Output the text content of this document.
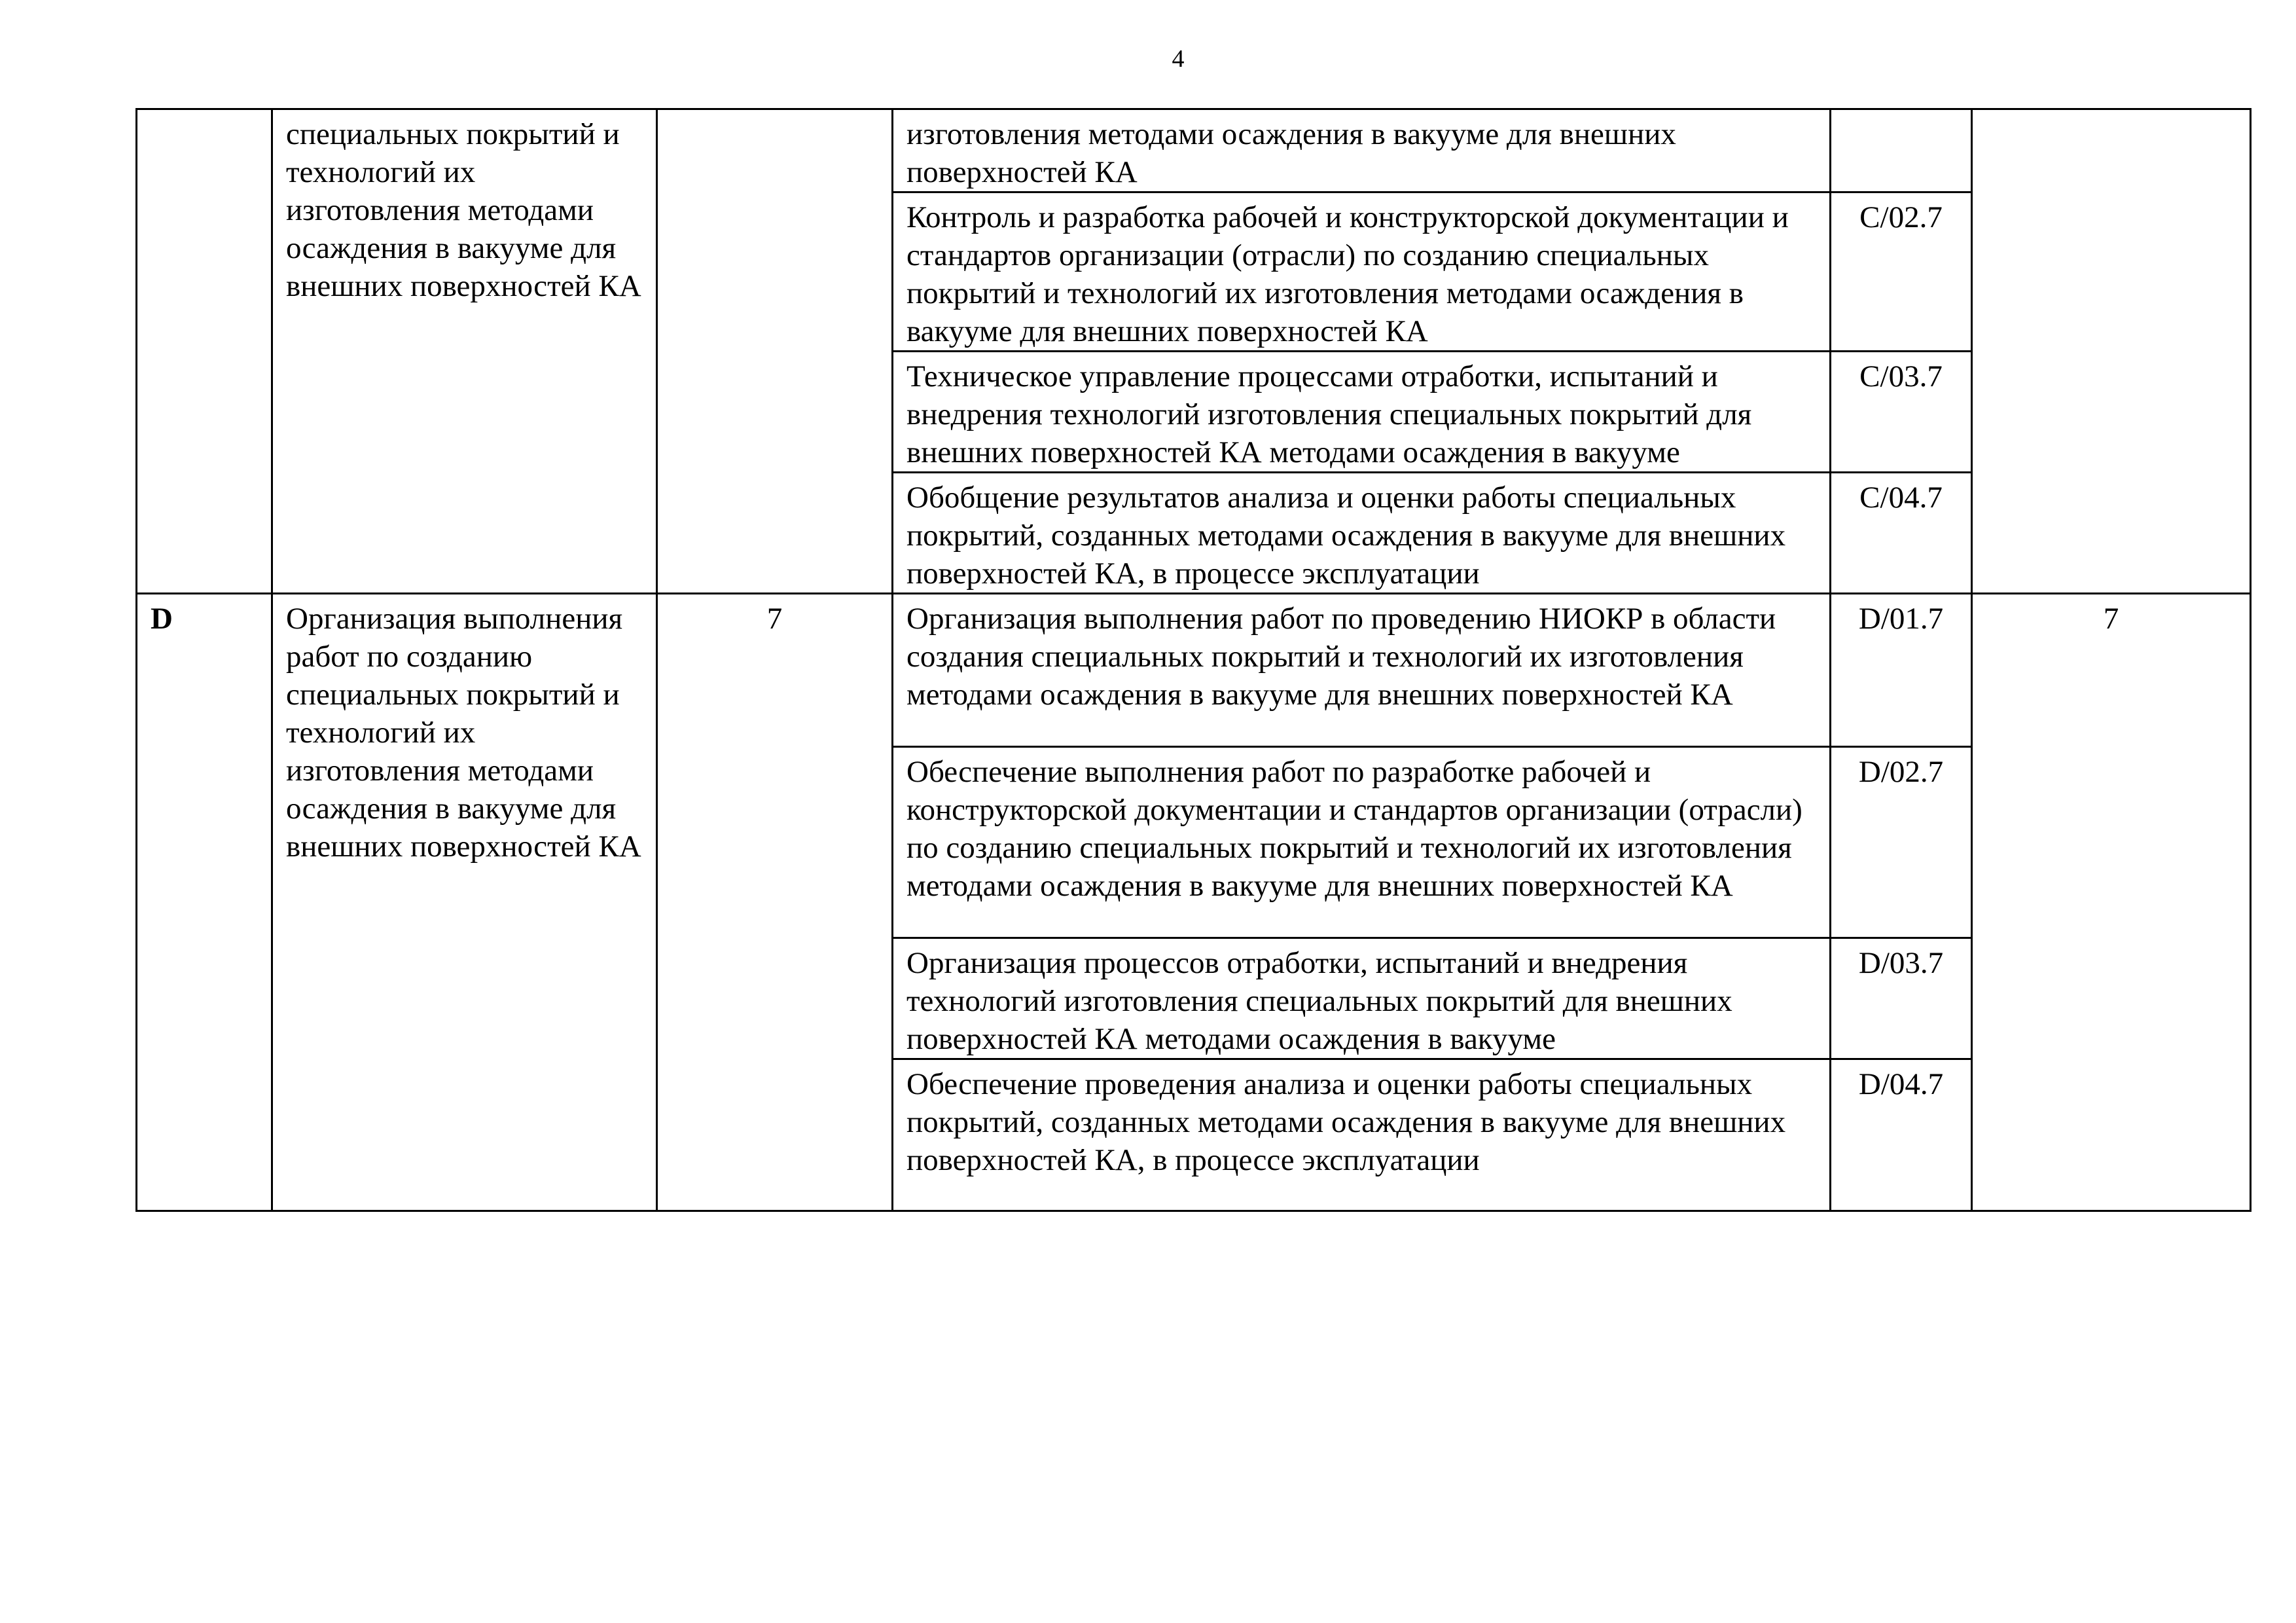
4
	специальных покрытий и технологий их изготовления методами осаждения в вакууме для внешних поверхностей КА		изготовления методами осаждения в вакууме для внешних поверхностей КА		
			Контроль и разработка рабочей и конструкторской документации и стандартов организации (отрасли) по созданию специальных покрытий и технологий их изготовления методами осаждения в вакууме для внешних поверхностей КА	C/02.7	
			Техническое управление процессами отработки, испытаний и внедрения технологий изготовления специальных покрытий для внешних поверхностей КА методами осаждения в вакууме	C/03.7	
			Обобщение результатов анализа и оценки работы специальных покрытий, созданных методами осаждения в вакууме для внешних поверхностей КА, в процессе эксплуатации	C/04.7	
D	Организация выполнения работ по созданию специальных покрытий и технологий их изготовления методами осаждения в вакууме для внешних поверхностей КА	7	Организация выполнения работ по проведению НИОКР в области создания специальных покрытий и технологий их изготовления методами осаждения в вакууме для внешних поверхностей КА	D/01.7	7
			Обеспечение выполнения работ по разработке рабочей и конструкторской документации и стандартов организации (отрасли) по созданию специальных покрытий и технологий их изготовления методами осаждения в вакууме для внешних поверхностей КА	D/02.7	
			Организация процессов отработки, испытаний и внедрения технологий изготовления специальных покрытий для внешних поверхностей КА методами осаждения в вакууме	D/03.7	
			Обеспечение проведения анализа и оценки работы специальных покрытий, созданных методами осаждения в вакууме для внешних поверхностей КА, в процессе эксплуатации	D/04.7	
